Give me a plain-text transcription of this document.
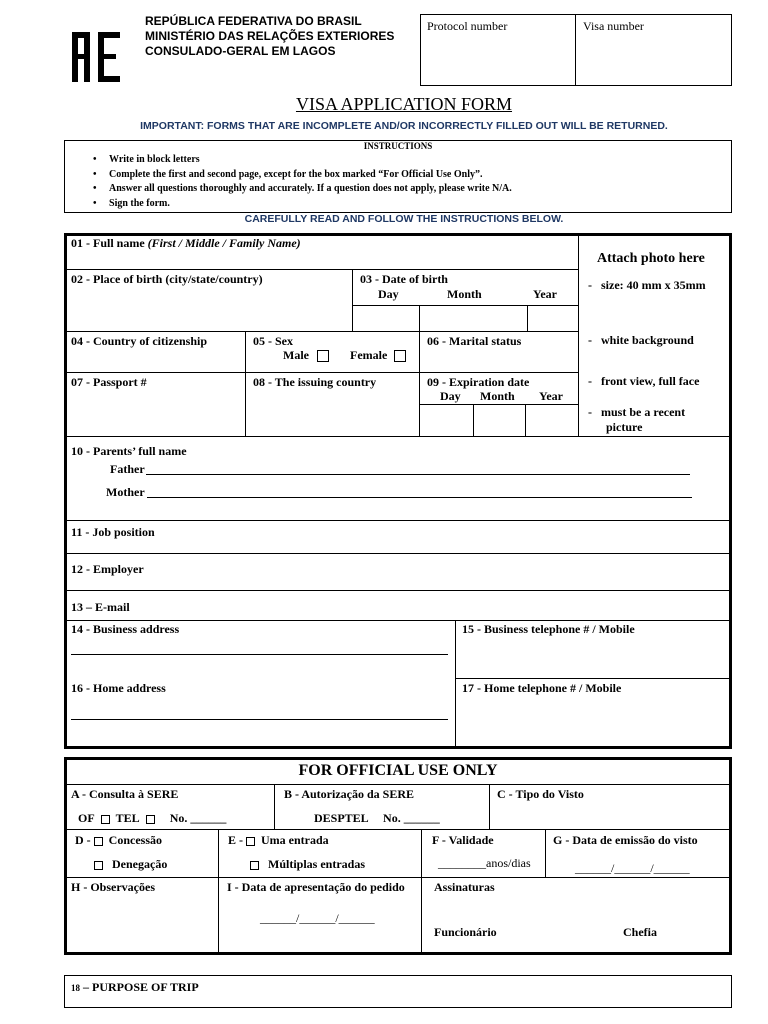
REPÚBLICA FEDERATIVA DO BRASIL
MINISTÉRIO DAS RELAÇÕES EXTERIORES
CONSULADO-GERAL EM LAGOS
Protocol number	Visa number
VISA APPLICATION FORM
IMPORTANT: FORMS THAT ARE INCOMPLETE AND/OR INCORRECTLY FILLED OUT WILL BE RETURNED.
INSTRUCTIONS
•     Write in block letters
•     Complete the first and second page, except for the box marked “For Official Use Only”.
•     Answer all questions thoroughly and accurately. If a question does not apply, please write N/A.
•     Sign the form.
CAREFULLY READ AND FOLLOW THE INSTRUCTIONS BELOW.
Attach photo here
-   size: 40 mm x 35mm
-   white background
-   front view, full face
-   must be a recent
picture
01 - Full name (First / Middle / Family Name)
02 - Place of birth (city/state/country)	03 - Date of birth
Day	Month	Year
04 - Country of citizenship	05 - Sex
Male	Female
06 - Marital status
07 - Passport #	08 - The issuing country	09 - Expiration date
Day Month Year
10 - Parents’ full name
Father
Mother
11 - Job position
12 - Employer
13 – E-mail
14 - Business address	15 - Business telephone # / Mobile
16 - Home address	17 - Home telephone # / Mobile
FOR OFFICIAL USE ONLY
A - Consulta à SERE
OF TEL	No. ______
B - Autorização da SERE
DESPTEL     No. ______
C - Tipo do Visto
D - Concessão
Denegação
E - Uma entrada
Múltiplas entradas
F - Validade
________anos/dias
G - Data de emissão do visto
______/______/______
H - Observações	I - Data de apresentação do pedido
______/______/______
Assinaturas
Funcionário	Chefia
18 – PURPOSE OF TRIP
